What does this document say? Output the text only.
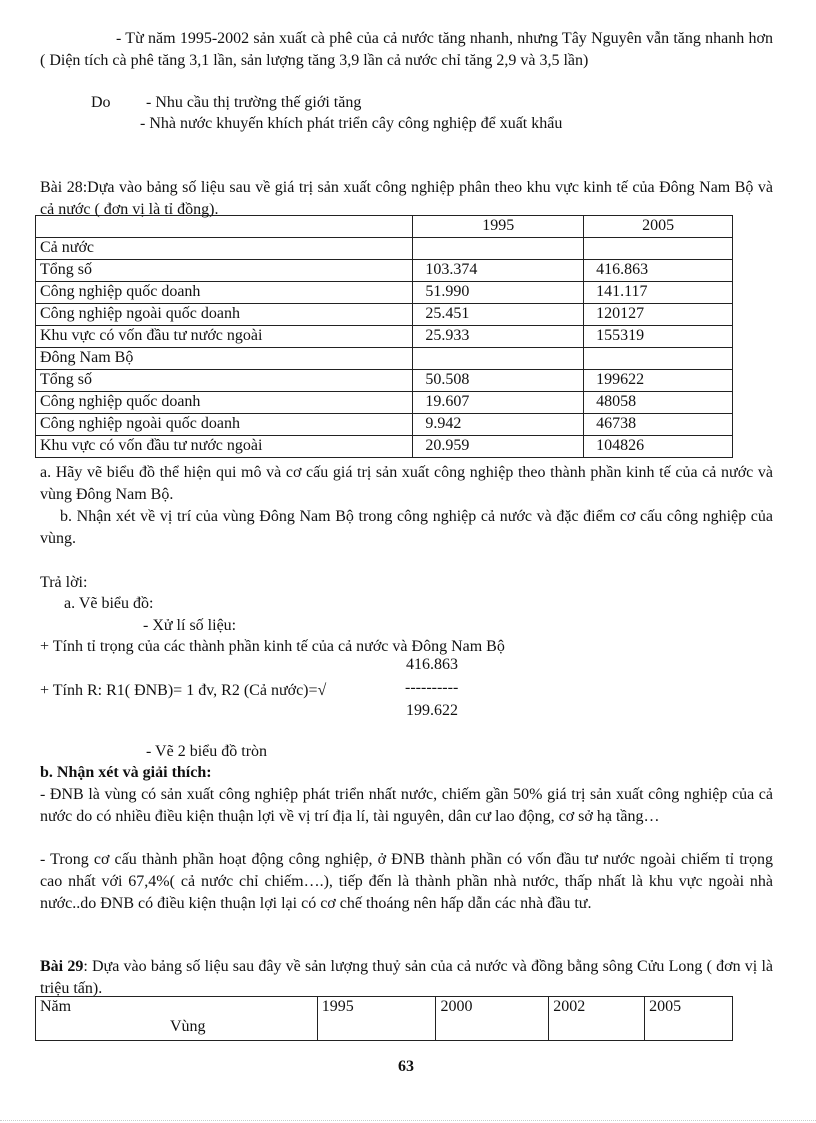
- Từ năm 1995-2002 sản xuất cà phê của cả nước tăng nhanh, nhưng Tây Nguyên vẫn tăng nhanh hơn ( Diện tích cà phê tăng 3,1 lần, sản lượng tăng 3,9 lần cả nước chỉ tăng 2,9 và 3,5 lần)
Do - Nhu cầu thị trường thế giới tăng
- Nhà nước khuyến khích phát triển cây công nghiệp để xuất khẩu
Bài 28:Dựa vào bảng số liệu sau về giá trị sản xuất công nghiệp phân theo khu vực kinh tế của Đông Nam Bộ và cả nước ( đơn vị là tỉ đồng).
	1995	2005
Cả nước		
Tổng số	103.374	416.863
Công nghiệp quốc doanh	51.990	141.117
Công nghiệp ngoài quốc doanh	25.451	120127
Khu vực có vốn đầu tư nước ngoài	25.933	155319
Đông Nam Bộ		
Tổng số	50.508	199622
Công nghiệp quốc doanh	19.607	48058
Công nghiệp ngoài quốc doanh	9.942	46738
Khu vực có vốn đầu tư nước ngoài	20.959	104826
a. Hãy vẽ biểu đồ thể hiện qui mô và cơ cấu giá trị sản xuất công nghiệp theo thành phần kinh tế của cả nước và vùng Đông Nam Bộ.
b. Nhận xét về vị trí của vùng Đông Nam Bộ trong công nghiệp cả nước và đặc điểm cơ cấu công nghiệp của vùng.
Trả lời:
a. Vẽ biểu đồ:
- Xử lí số liệu:
+ Tính tỉ trọng của các thành phần kinh tế của cả nước và Đông Nam Bộ
416.863
+ Tính R: R1( ĐNB)= 1 đv, R2 (Cả nước)=√	----------
199.622
- Vẽ 2 biểu đồ tròn
b. Nhận xét và giải thích:
- ĐNB là vùng có sản xuất công nghiệp phát triển nhất nước, chiếm gần 50% giá trị sản xuất công nghiệp của cả nước do có nhiều điều kiện thuận lợi về vị trí địa lí, tài nguyên, dân cư lao động, cơ sở hạ tầng…
- Trong cơ cấu thành phần hoạt động công nghiệp, ở ĐNB thành phần có vốn đầu tư nước ngoài chiếm tỉ trọng cao nhất với 67,4%( cả nước chỉ chiếm….), tiếp đến là thành phần nhà nước, thấp nhất là khu vực ngoài nhà nước..do ĐNB có điều kiện thuận lợi lại có cơ chế thoáng nên hấp dẫn các nhà đầu tư.
Bài 29: Dựa vào bảng số liệu sau đây về sản lượng thuỷ sản của cả nước và đồng bằng sông Cửu Long ( đơn vị là triệu tấn).
Năm
Vùng
	1995	2000	2002	2005
63
